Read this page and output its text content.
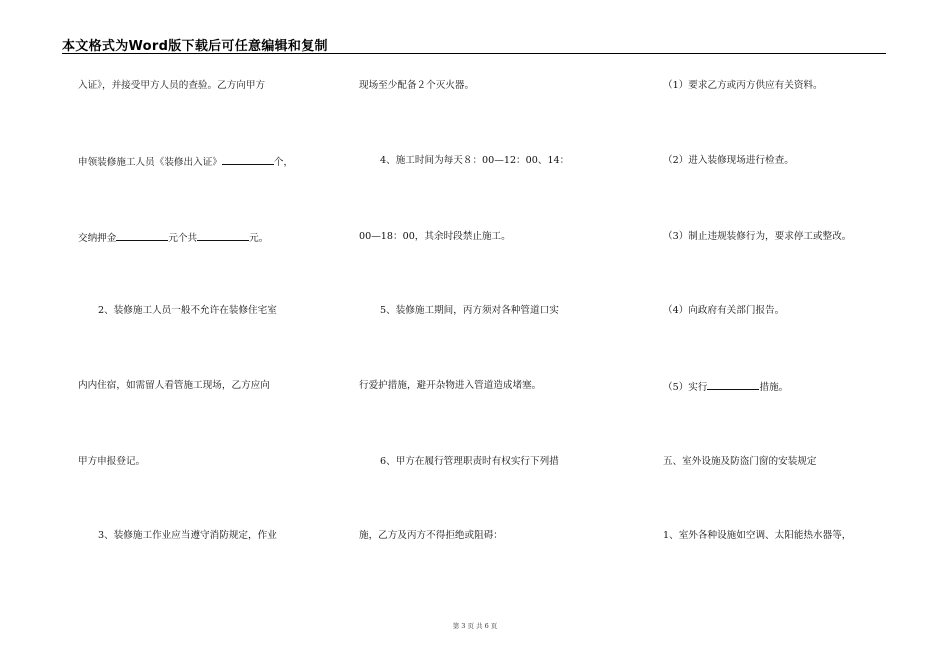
本文格式为Word版下载后可任意编辑和复制
入证》，并接受甲方人员的查验。乙方向甲方
申领装修施工人员《装修出入证》	个，
交纳押金	元个共	元。
2、装修施工人员一般不允许在装修住宅室
内内住宿，如需留人看管施工现场，乙方应向
甲方申报登记。
3、装修施工作业应当遵守消防规定，作业
现场至少配备２个灭火器。
4、施工时间为每天８：00—12：00、14：
00—18：00，其余时段禁止施工。
5、装修施工期间，丙方须对各种管道口实
行爱护措施，避开杂物进入管道造成堵塞。
6、甲方在履行管理职责时有权实行下列措
施，乙方及丙方不得拒绝或阻碍：
（1）要求乙方或丙方供应有关资料。
（2）进入装修现场进行检查。
（3）制止违规装修行为，要求停工或整改。
（4）向政府有关部门报告。
（5）实行	措施。
五、室外设施及防盗门窗的安装规定
1、室外各种设施如空调、太阳能热水器等，
第 3 页 共 6 页
